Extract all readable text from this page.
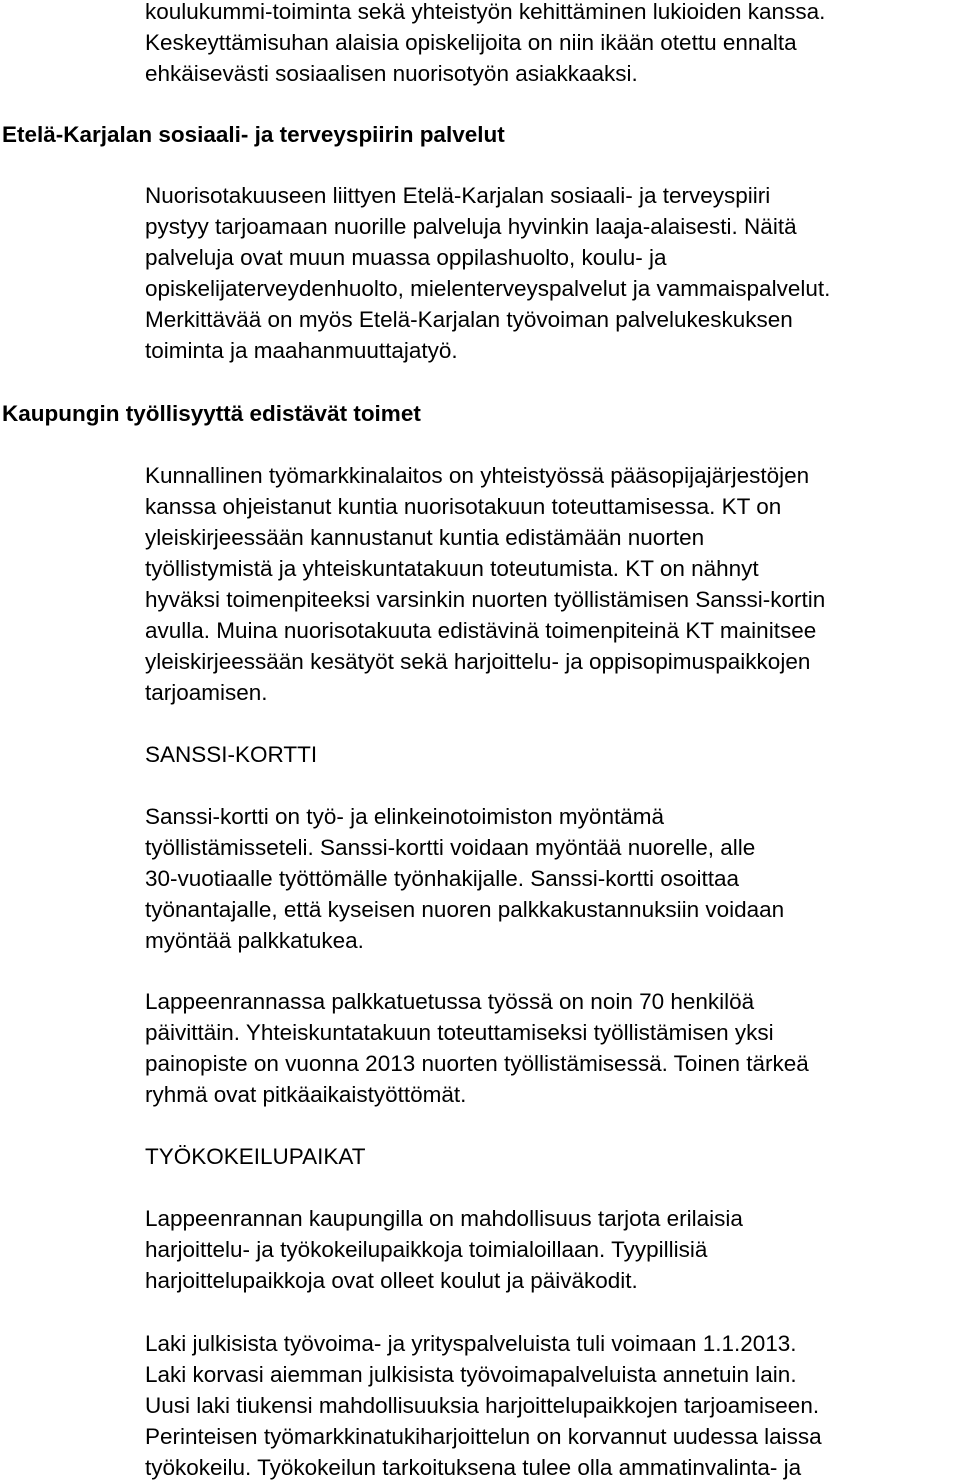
koulukummi-toiminta sekä yhteistyön kehittäminen lukioiden kanssa.
Keskeyttämisuhan alaisia opiskelijoita on niin ikään otettu ennalta
ehkäisevästi sosiaalisen nuorisotyön asiakkaaksi.
Etelä-Karjalan sosiaali- ja terveyspiirin palvelut
Nuorisotakuuseen liittyen Etelä-Karjalan sosiaali- ja terveyspiiri
pystyy tarjoamaan nuorille palveluja hyvinkin laaja-alaisesti. Näitä
palveluja ovat muun muassa oppilashuolto, koulu- ja
opiskelijaterveydenhuolto, mielenterveyspalvelut ja vammaispalvelut.
Merkittävää on myös Etelä-Karjalan työvoiman palvelukeskuksen
toiminta ja maahanmuuttajatyö.
Kaupungin työllisyyttä edistävät toimet
Kunnallinen työmarkkinalaitos on yhteistyössä pääsopijajärjestöjen
kanssa ohjeistanut kuntia nuorisotakuun toteuttamisessa. KT on
yleiskirjeessään kannustanut kuntia edistämään nuorten
työllistymistä ja yhteiskuntatakuun toteutumista. KT on nähnyt
hyväksi toimenpiteeksi varsinkin nuorten työllistämisen Sanssi-kortin
avulla. Muina nuorisotakuuta edistävinä toimenpiteinä KT mainitsee
yleiskirjeessään kesätyöt sekä harjoittelu- ja oppisopimuspaikkojen
tarjoamisen.
SANSSI-KORTTI
Sanssi-kortti on työ- ja elinkeinotoimiston myöntämä
työllistämisseteli. Sanssi-kortti voidaan myöntää nuorelle, alle
30-vuotiaalle työttömälle työnhakijalle. Sanssi-kortti osoittaa
työnantajalle, että kyseisen nuoren palkkakustannuksiin voidaan
myöntää palkkatukea.
Lappeenrannassa palkkatuetussa työssä on noin 70 henkilöä
päivittäin. Yhteiskuntatakuun toteuttamiseksi työllistämisen yksi
painopiste on vuonna 2013 nuorten työllistämisessä. Toinen tärkeä
ryhmä ovat pitkäaikaistyöttömät.
TYÖKOKEILUPAIKAT
Lappeenrannan kaupungilla on mahdollisuus tarjota erilaisia
harjoittelu- ja työkokeilupaikkoja toimialoillaan. Tyypillisiä
harjoittelupaikkoja ovat olleet koulut ja päiväkodit.
Laki julkisista työvoima- ja yrityspalveluista tuli voimaan 1.1.2013.
Laki korvasi aiemman julkisista työvoimapalveluista annetuin lain.
Uusi laki tiukensi mahdollisuuksia harjoittelupaikkojen tarjoamiseen.
Perinteisen työmarkkinatukiharjoittelun on korvannut uudessa laissa
työkokeilu. Työkokeilun tarkoituksena tulee olla ammatinvalinta- ja
